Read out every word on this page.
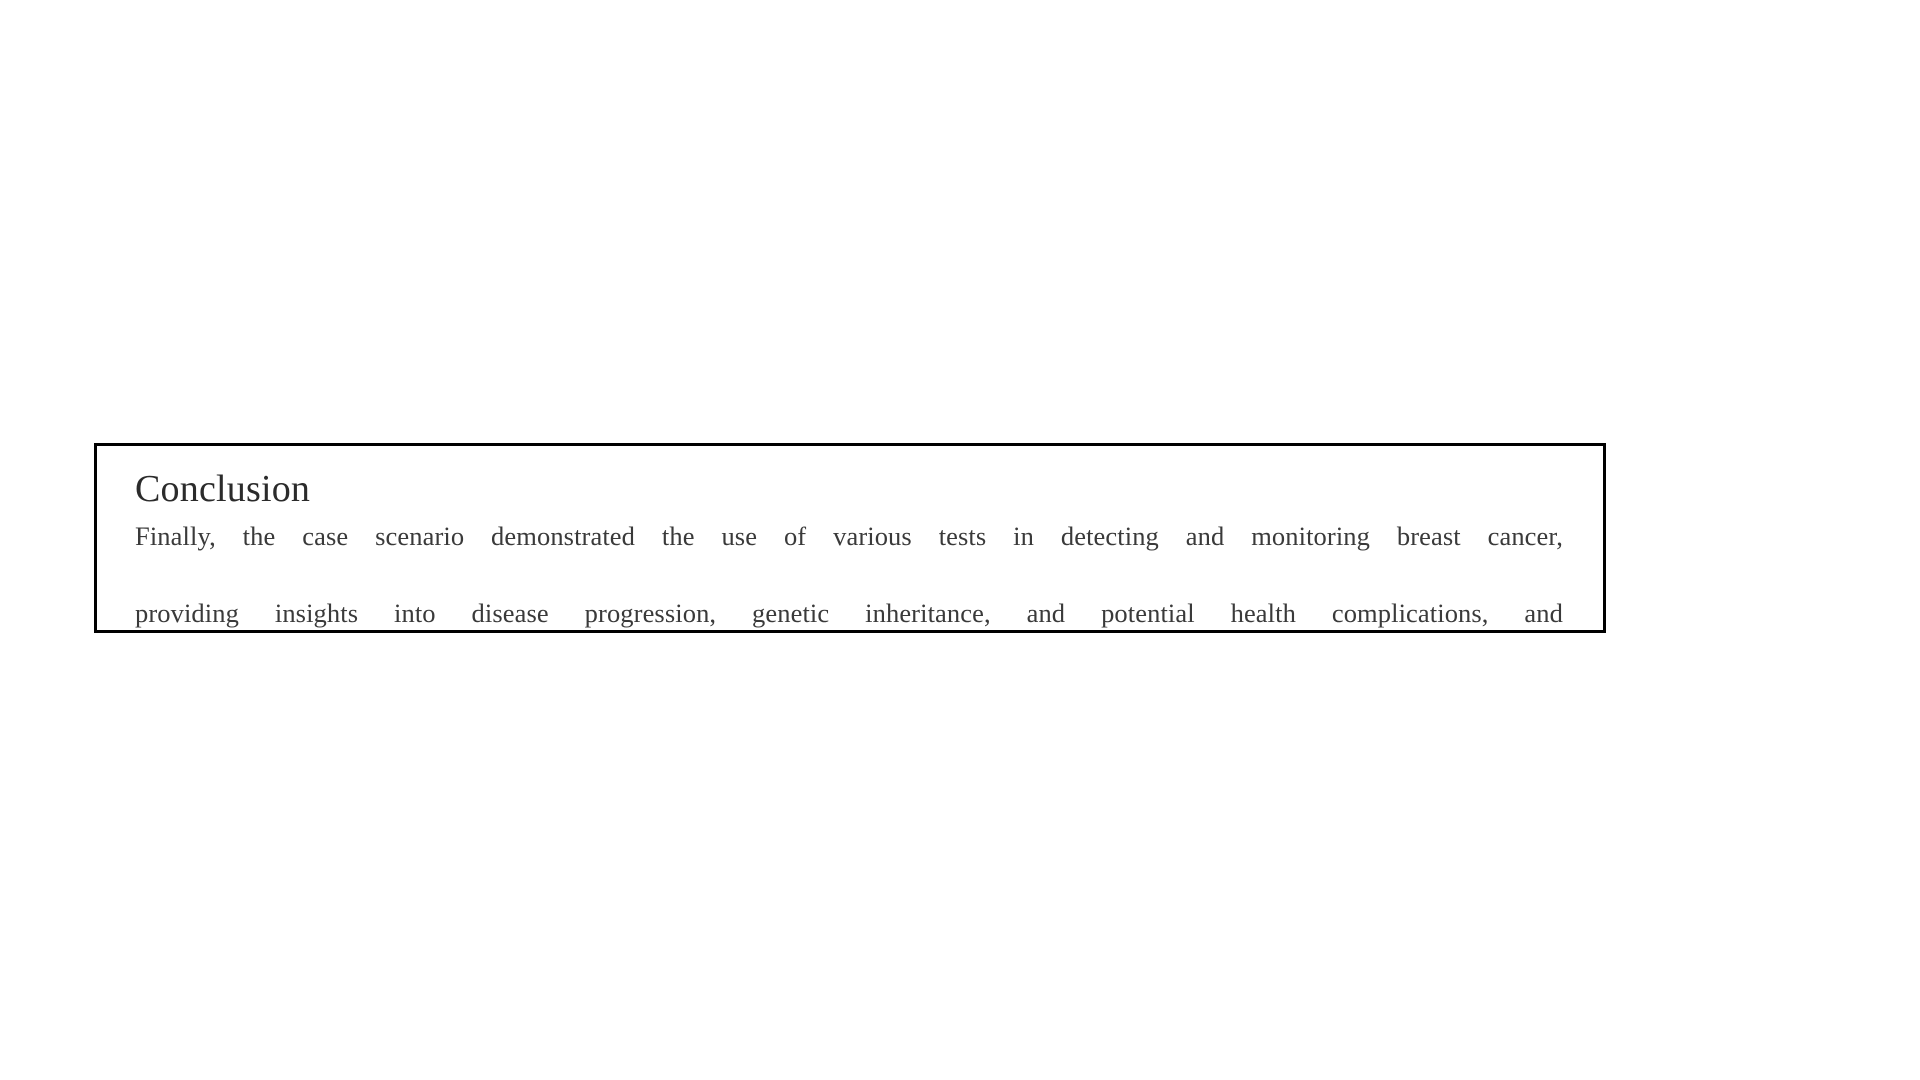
Conclusion

Finally, the case scenario demonstrated the use of various tests in detecting and monitoring breast cancer,
providing insights into disease progression, genetic inheritance, and potential health complications, and
